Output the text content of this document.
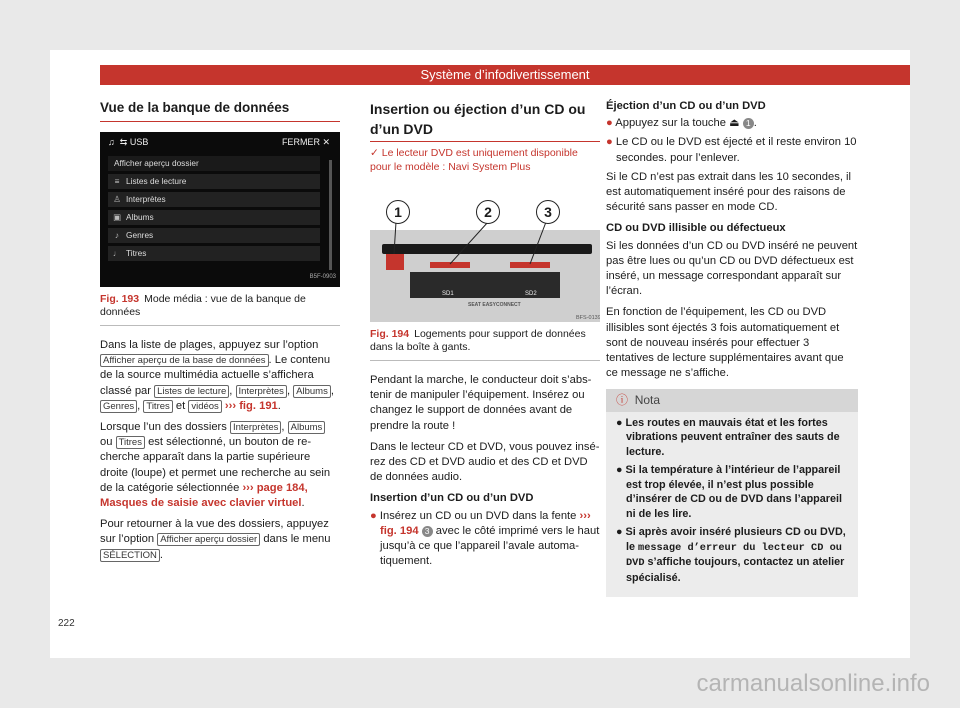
Système d’infodivertissement
Vue de la banque de données
♫ ⇆ USB	FERMER ✕
Afficher aperçu dossier
≡ Listes de lecture
♙ Interprètes
▣ Albums
♪ Genres
♩ Titres
B5F-0903
Fig. 193 Mode média : vue de la banque de données

Dans la liste de plages, appuyez sur l’option Afficher aperçu de la base de données . Le contenu de la source multimédia actuelle s’affichera classé par Listes de lecture , Interprètes , Albums , Genres , Titres et vidéos ››› fig. 191.

Lorsque l’un des dossiers Interprètes , Albums ou Titres est sélectionné, un bouton de recherche apparaît dans la partie supérieure droite (loupe) et permet une recherche au sein de la catégorie sélectionnée ››› page 184, Masques de saisie avec clavier virtuel.

Pour retourner à la vue des dossiers, appuyez sur l’option Afficher aperçu dossier dans le menu SÉLECTION .

Insertion ou éjection d’un CD ou d’un DVD
✓ Le lecteur DVD est uniquement disponible pour le modèle : Navi System Plus
SD1	SD2
SEAT EASYCONNECT
BFS-0139
1	2	3
Fig. 194 Logements pour support de données dans la boîte à gants.

Pendant la marche, le conducteur doit s’abstenir de manipuler l’équipement. Insérez ou changez le support de données avant de prendre la route !

Dans le lecteur CD et DVD, vous pouvez insérez des CD et DVD audio et des CD et DVD de données audio.

Insertion d’un CD ou d’un DVD

● Insérez un CD ou un DVD dans la fente ››› fig. 194 3 avec le côté imprimé vers le haut jusqu’à ce que l’appareil l’avale automatiquement.

Éjection d’un CD ou d’un DVD

● Appuyez sur la touche ⏏ 1 .

● Le CD ou le DVD est éjecté et il reste environ 10 secondes. pour l’enlever.

Si le CD n’est pas extrait dans les 10 secondes, il est automatiquement inséré pour des raisons de sécurité sans passer en mode CD.

CD ou DVD illisible ou défectueux

Si les données d’un CD ou DVD inséré ne peuvent pas être lues ou qu’un CD ou DVD défectueux est inséré, un message correspondant apparaît sur l’écran.

En fonction de l’équipement, les CD ou DVD illisibles sont éjectés 3 fois automatiquement et sont de nouveau insérés pour effectuer 3 tentatives de lecture supplémentaires avant que ce message ne s’affiche.

ⓘ Nota

● Les routes en mauvais état et les fortes vibrations peuvent entraîner des sauts de lecture.

● Si la température à l’intérieur de l’appareil est trop élevée, il n’est plus possible d’insérer de CD ou de DVD dans l’appareil ni de les lire.

● Si après avoir inséré plusieurs CD ou DVD, le message d’erreur du lecteur CD ou DVD s’affiche toujours, contactez un atelier spécialisé.

222
carmanualsonline.info
